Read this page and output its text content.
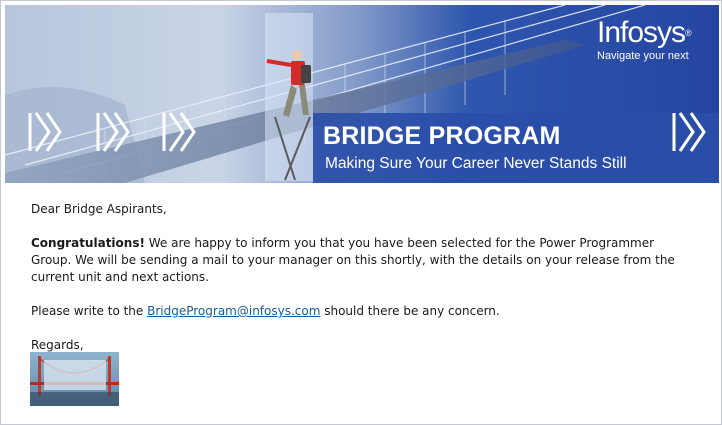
Infosys®
Navigate your next
BRIDGE PROGRAM
Making Sure Your Career Never Stands Still

Dear Bridge Aspirants,

Congratulations! We are happy to inform you that you have been selected for the Power Programmer Group. We will be sending a mail to your manager on this shortly, with the details on your release from the current unit and next actions.

Please write to the BridgeProgram@infosys.com should there be any concern.

Regards,
